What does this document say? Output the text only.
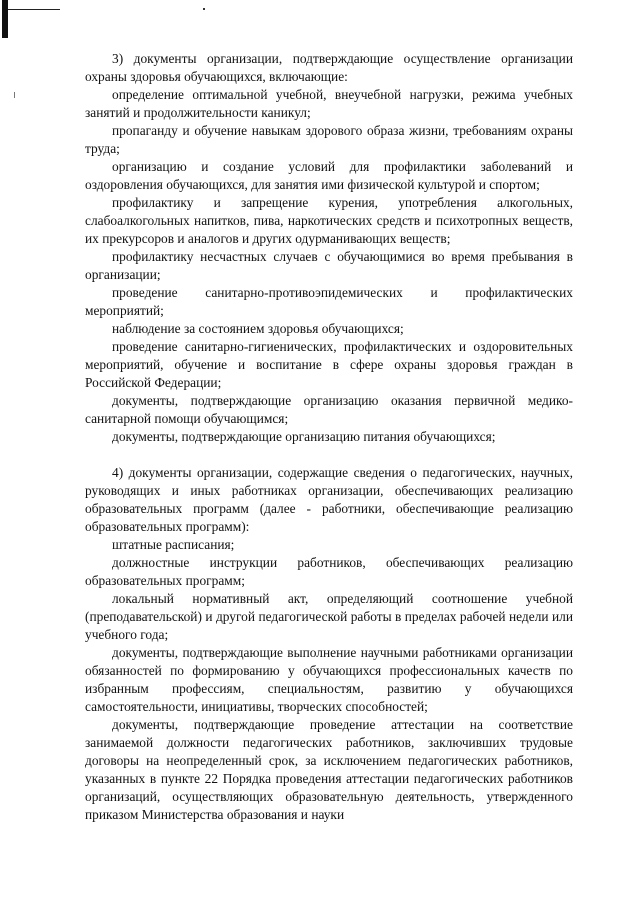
3) документы организации, подтверждающие осуществление организации охраны здоровья обучающихся, включающие:

определение оптимальной учебной, внеучебной нагрузки, режима учебных занятий и продолжительности каникул;

пропаганду и обучение навыкам здорового образа жизни, требованиям охраны труда;

организацию и создание условий для профилактики заболеваний и оздоровления обучающихся, для занятия ими физической культурой и спортом;

профилактику и запрещение курения, употребления алкогольных, слабоалкогольных напитков, пива, наркотических средств и психотропных веществ, их прекурсоров и аналогов и других одурманивающих веществ;

профилактику несчастных случаев с обучающимися во время пребывания в организации;

проведение санитарно-противоэпидемических и профилактических мероприятий;

наблюдение за состоянием здоровья обучающихся;

проведение санитарно-гигиенических, профилактических и оздоровительных мероприятий, обучение и воспитание в сфере охраны здоровья граждан в Российской Федерации;

документы, подтверждающие организацию оказания первичной медико-санитарной помощи обучающимся;

документы, подтверждающие организацию питания обучающихся;

4) документы организации, содержащие сведения о педагогических, научных, руководящих и иных работниках организации, обеспечивающих реализацию образовательных программ (далее - работники, обеспечивающие реализацию образовательных программ):

штатные расписания;

должностные инструкции работников, обеспечивающих реализацию образовательных программ;

локальный нормативный акт, определяющий соотношение учебной (преподавательской) и другой педагогической работы в пределах рабочей недели или учебного года;

документы, подтверждающие выполнение научными работниками организации обязанностей по формированию у обучающихся профессиональных качеств по избранным профессиям, специальностям, развитию у обучающихся самостоятельности, инициативы, творческих способностей;

документы, подтверждающие проведение аттестации на соответствие занимаемой должности педагогических работников, заключивших трудовые договоры на неопределенный срок, за исключением педагогических работников, указанных в пункте 22 Порядка проведения аттестации педагогических работников организаций, осуществляющих образовательную деятельность, утвержденного приказом Министерства образования и науки
